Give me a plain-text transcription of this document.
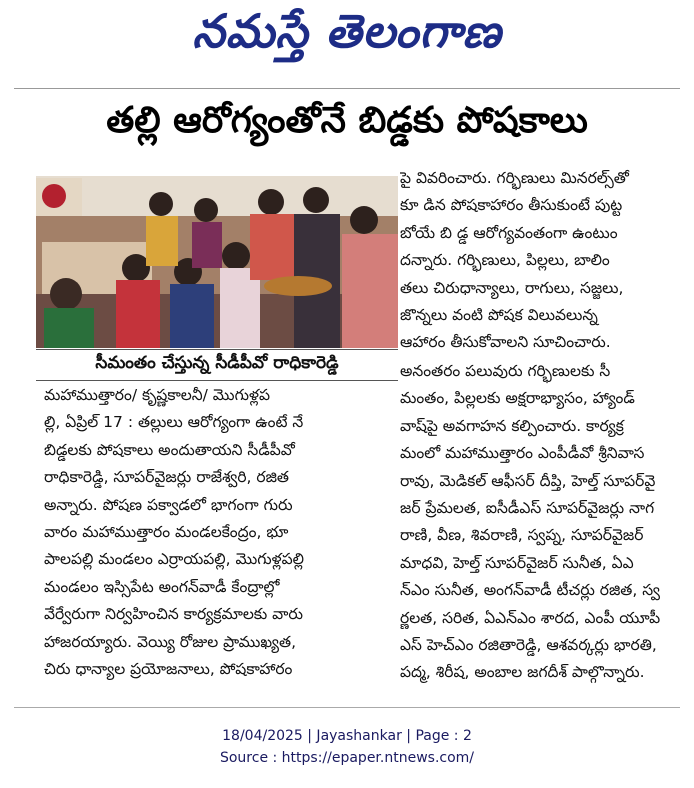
నమస్తే తెలంగాణ
తల్లి ఆరోగ్యంతోనే బిడ్డకు పోషకాలు
సీమంతం చేస్తున్న సీడీపీవో రాధికారెడ్డి
మహాముత్తారం/ కృష్ణకాలనీ/ మొగుళ్లప
ల్లి, ఏప్రిల్ 17 : తల్లులు ఆరోగ్యంగా ఉంటే నే
బిడ్డలకు పోషకాలు అందుతాయని సీడీపీవో
రాధికారెడ్డి, సూపర్‌వైజర్లు రాజేశ్వరి, రజిత
అన్నారు. పోషణ పక్వాడలో భాగంగా గురు
వారం మహాముత్తారం మండలకేంద్రం, భూ
పాలపల్లి మండలం ఎర్రాయపల్లి, మొగుళ్లపల్లి
మండలం ఇస్సిపేట అంగన్‌వాడీ కేంద్రాల్లో
వేర్వేరుగా నిర్వహించిన కార్యక్రమాలకు వారు
హాజరయ్యారు. వెయ్యి రోజుల ప్రాముఖ్యత,
చిరు ధాన్యాల ప్రయోజనాలు, పోషకాహారం
పై వివరించారు. గర్భిణులు మినరల్స్‌తో
కూ డిన పోషకాహారం తీసుకుంటే పుట్ట
బోయే బి డ్డ ఆరోగ్యవంతంగా ఉంటుం
దన్నారు. గర్భిణులు, పిల్లలు, బాలిం
తలు చిరుధాన్యాలు, రాగులు, సజ్జలు,
జొన్నలు వంటి పోషక విలువలున్న
ఆహారం తీసుకోవాలని సూచించారు.
అనంతరం పలువురు గర్భిణులకు సీ
మంతం, పిల్లలకు అక్షరాభ్యాసం, హ్యాండ్
వాష్‌పై అవగాహన కల్పించారు. కార్యక్ర
మంలో మహాముత్తారం ఎంపీడీవో శ్రీనివాస
రావు, మెడికల్ ఆఫీసర్ దీప్తి, హెల్త్ సూపర్‌వై
జర్ ప్రేమలత, ఐసీడీఎస్ సూపర్‌వైజర్లు నాగ
రాణి, వీణ, శివరాణి, స్వప్న, సూపర్‌వైజర్
మాధవి, హెల్త్ సూపర్‌వైజర్ సునీత, ఏఎ
న్ఎం సునీత, అంగన్‌వాడీ టీచర్లు రజిత, స్వ
ర్ణలత, సరిత, ఏఎన్ఎం శారద, ఎంపీ యూపీ
ఎస్ హెచ్ఎం రజితారెడ్డి, ఆశవర్కర్లు భారతి,
పద్మ, శిరీష, అంబాల జగదీశ్ పాల్గొన్నారు.
18/04/2025 | Jayashankar | Page : 2
Source : https://epaper.ntnews.com/
